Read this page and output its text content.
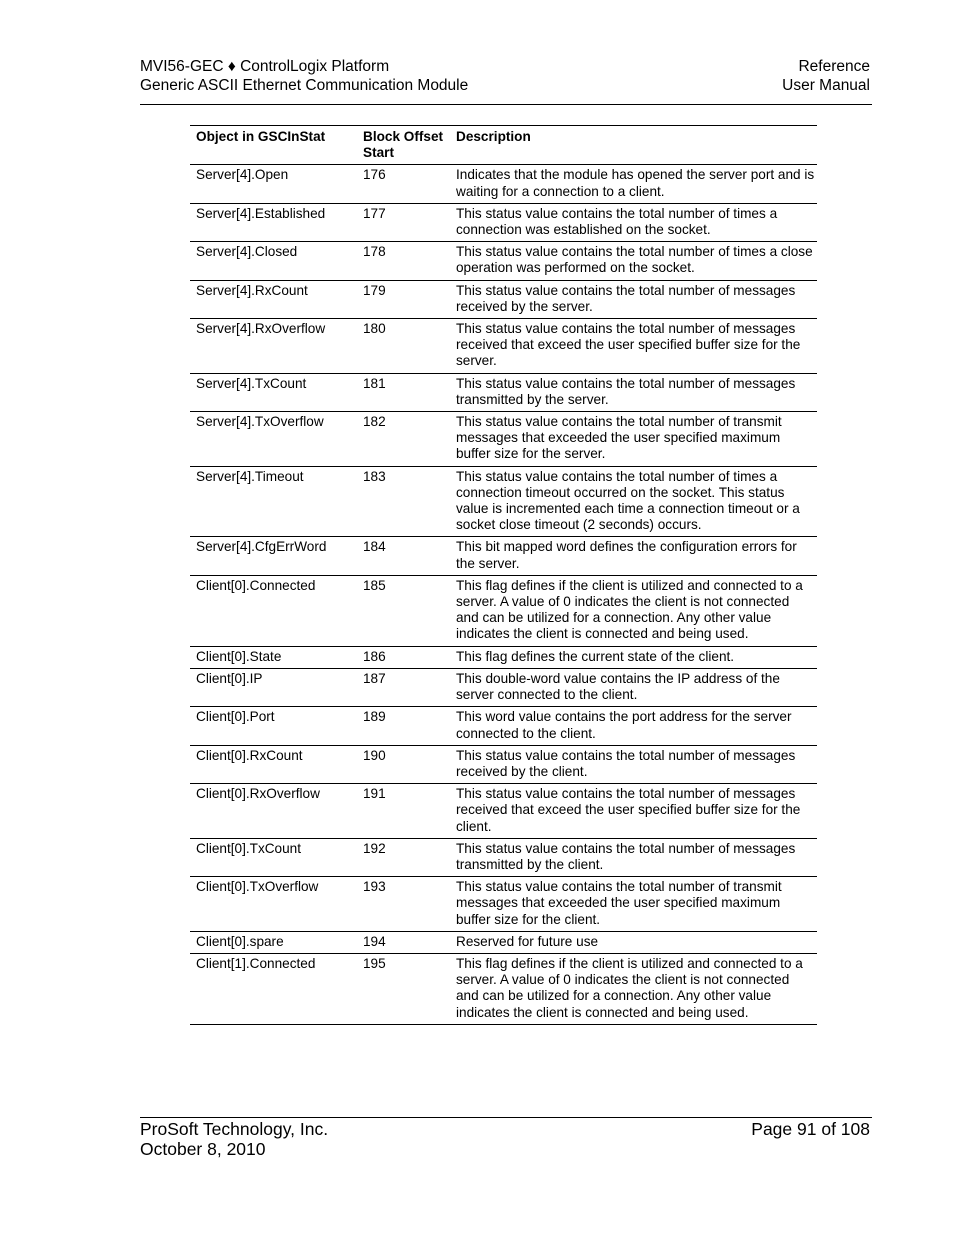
MVI56-GEC ♦ ControlLogix Platform
Generic ASCII Ethernet Communication Module
Reference
User Manual
Object in GSCInStat	Block Offset Start	Description
Server[4].Open	176	Indicates that the module has opened the server port and is waiting for a connection to a client.
Server[4].Established	177	This status value contains the total number of times a connection was established on the socket.
Server[4].Closed	178	This status value contains the total number of times a close operation was performed on the socket.
Server[4].RxCount	179	This status value contains the total number of messages received by the server.
Server[4].RxOverflow	180	This status value contains the total number of messages received that exceed the user specified buffer size for the server.
Server[4].TxCount	181	This status value contains the total number of messages transmitted by the server.
Server[4].TxOverflow	182	This status value contains the total number of transmit messages that exceeded the user specified maximum buffer size for the server.
Server[4].Timeout	183	This status value contains the total number of times a connection timeout occurred on the socket. This status value is incremented each time a connection timeout or a socket close timeout (2 seconds) occurs.
Server[4].CfgErrWord	184	This bit mapped word defines the configuration errors for the server.
Client[0].Connected	185	This flag defines if the client is utilized and connected to a server. A value of 0 indicates the client is not connected and can be utilized for a connection. Any other value indicates the client is connected and being used.
Client[0].State	186	This flag defines the current state of the client.
Client[0].IP	187	This double-word value contains the IP address of the server connected to the client.
Client[0].Port	189	This word value contains the port address for the server connected to the client.
Client[0].RxCount	190	This status value contains the total number of messages received by the client.
Client[0].RxOverflow	191	This status value contains the total number of messages received that exceed the user specified buffer size for the client.
Client[0].TxCount	192	This status value contains the total number of messages transmitted by the client.
Client[0].TxOverflow	193	This status value contains the total number of transmit messages that exceeded the user specified maximum buffer size for the client.
Client[0].spare	194	Reserved for future use
Client[1].Connected	195	This flag defines if the client is utilized and connected to a server. A value of 0 indicates the client is not connected and can be utilized for a connection. Any other value indicates the client is connected and being used.
ProSoft Technology, Inc.
October 8, 2010
Page 91 of 108
